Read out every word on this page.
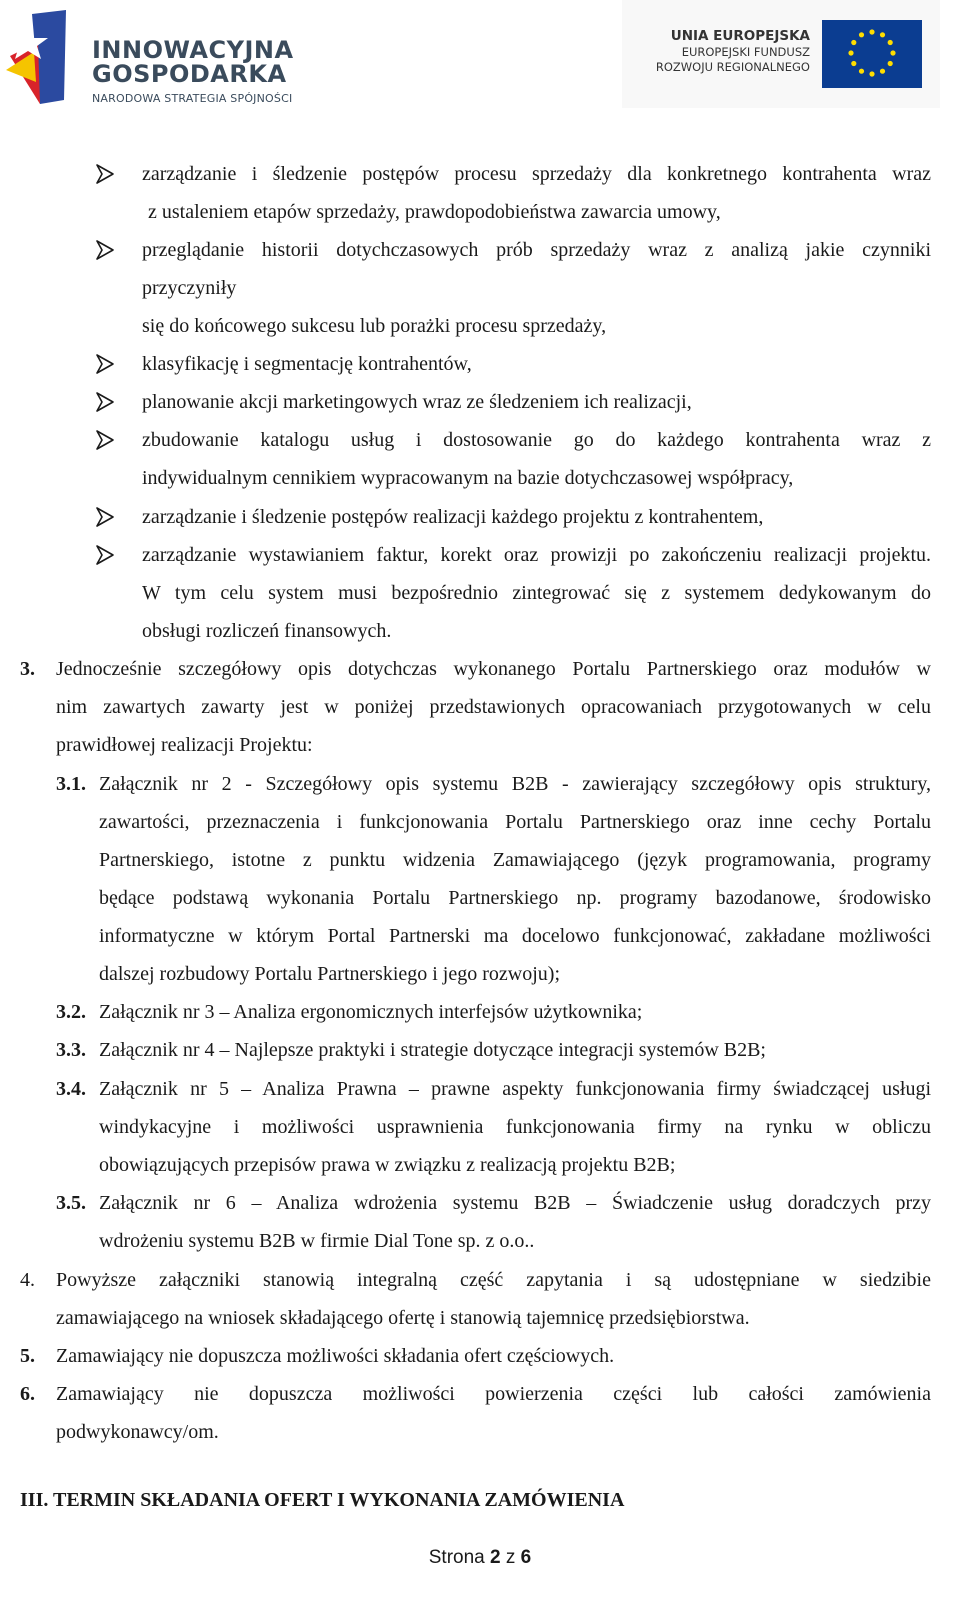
INNOWACYJNA
GOSPODARKA
NARODOWA STRATEGIA SPÓJNOŚCI
UNIA EUROPEJSKA
EUROPEJSKI FUNDUSZ
ROZWOJU REGIONALNEGO
zarządzanie i śledzenie postępów procesu sprzedaży dla konkretnego kontrahenta wraz
z ustaleniem etapów sprzedaży, prawdopodobieństwa zawarcia umowy,
przeglądanie historii dotychczasowych prób sprzedaży wraz z analizą jakie czynniki
przyczyniły
się do końcowego sukcesu lub porażki procesu sprzedaży,
klasyfikację i segmentację kontrahentów,
planowanie akcji marketingowych wraz ze śledzeniem ich realizacji,
zbudowanie katalogu usług i dostosowanie go do każdego kontrahenta wraz z
indywidualnym cennikiem wypracowanym na bazie dotychczasowej współpracy,
zarządzanie i śledzenie postępów realizacji każdego projektu z kontrahentem,
zarządzanie wystawianiem faktur, korekt oraz prowizji po zakończeniu realizacji projektu.
W tym celu system musi bezpośrednio zintegrować się z systemem dedykowanym do
obsługi rozliczeń finansowych.
3. Jednocześnie szczegółowy opis dotychczas wykonanego Portalu Partnerskiego oraz modułów w
nim zawartych zawarty jest w poniżej przedstawionych opracowaniach przygotowanych w celu
prawidłowej realizacji Projektu:
3.1. Załącznik nr 2 - Szczegółowy opis systemu B2B - zawierający szczegółowy opis struktury,
zawartości, przeznaczenia i funkcjonowania Portalu Partnerskiego oraz inne cechy Portalu
Partnerskiego, istotne z punktu widzenia Zamawiającego (język programowania, programy
będące podstawą wykonania Portalu Partnerskiego np. programy bazodanowe, środowisko
informatyczne w którym Portal Partnerski ma docelowo funkcjonować, zakładane możliwości
dalszej rozbudowy Portalu Partnerskiego i jego rozwoju);
3.2. Załącznik nr 3 – Analiza ergonomicznych interfejsów użytkownika;
3.3. Załącznik nr 4 – Najlepsze praktyki i strategie dotyczące integracji systemów B2B;
3.4. Załącznik nr 5 – Analiza Prawna – prawne aspekty funkcjonowania firmy świadczącej usługi
windykacyjne i możliwości usprawnienia funkcjonowania firmy na rynku w obliczu
obowiązujących przepisów prawa w związku z realizacją projektu B2B;
3.5. Załącznik nr 6 – Analiza wdrożenia systemu B2B – Świadczenie usług doradczych przy
wdrożeniu systemu B2B w firmie Dial Tone sp. z o.o..
4. Powyższe załączniki stanowią integralną część zapytania i są udostępniane w siedzibie
zamawiającego na wniosek składającego ofertę i stanowią tajemnicę przedsiębiorstwa.
5. Zamawiający nie dopuszcza możliwości składania ofert częściowych.
6. Zamawiający nie dopuszcza możliwości powierzenia części lub całości zamówienia
podwykonawcy/om.
III. TERMIN SKŁADANIA OFERT I WYKONANIA ZAMÓWIENIA
Strona 2 z 6
